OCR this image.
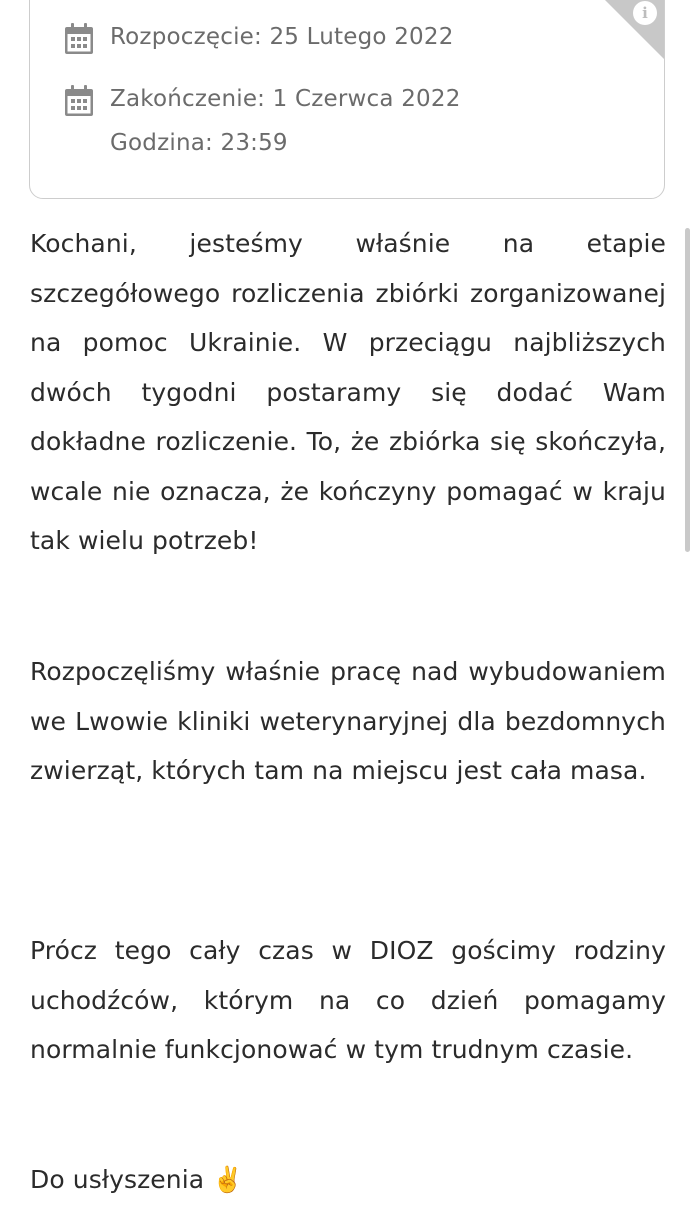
i
Rozpoczęcie: 25 Lutego 2022
Zakończenie: 1 Czerwca 2022
Godzina: 23:59

Kochani, jesteśmy właśnie na etapie szczegółowego rozliczenia zbiórki zorganizowanej na pomoc Ukrainie. W przeciągu najbliższych dwóch tygodni postaramy się dodać Wam dokładne rozliczenie. To, że zbiórka się skończyła, wcale nie oznacza, że kończyny pomagać w kraju tak wielu potrzeb!

Rozpoczęliśmy właśnie pracę nad wybudowaniem we Lwowie kliniki weterynaryjnej dla bezdomnych zwierząt, których tam na miejscu jest cała masa.

Prócz tego cały czas w DIOZ gościmy rodziny uchodźców, którym na co dzień pomagamy normalnie funkcjonować w tym trudnym czasie.

Do usłyszenia ✌️
